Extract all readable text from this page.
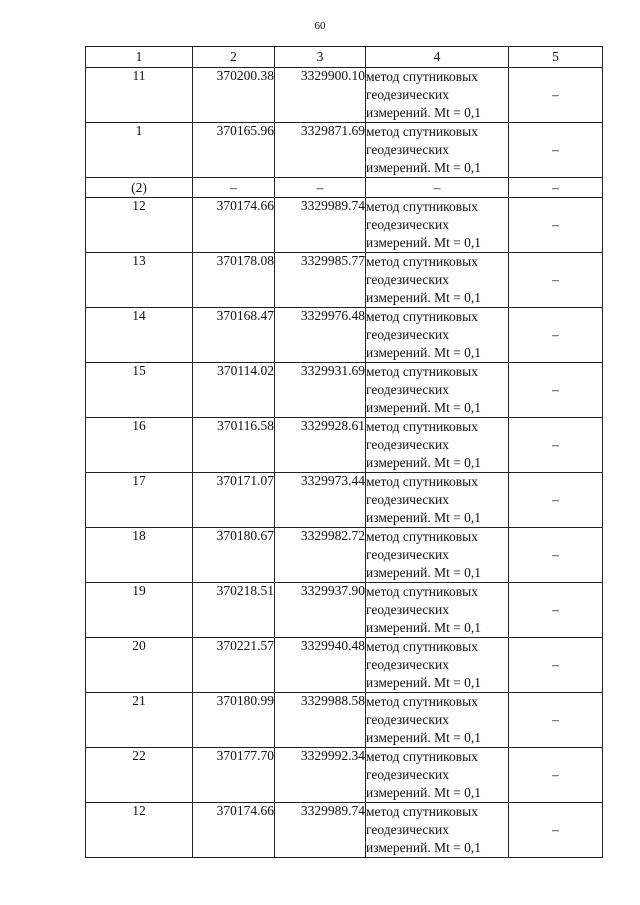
60
1	2	3	4	5
11	370200.38	3329900.10	метод спутниковых
геодезических
измерений. Mt = 0,1	–
1	370165.96	3329871.69	метод спутниковых
геодезических
измерений. Mt = 0,1	–
(2)	–	–	–	–
12	370174.66	3329989.74	метод спутниковых
геодезических
измерений. Mt = 0,1	–
13	370178.08	3329985.77	метод спутниковых
геодезических
измерений. Mt = 0,1	–
14	370168.47	3329976.48	метод спутниковых
геодезических
измерений. Mt = 0,1	–
15	370114.02	3329931.69	метод спутниковых
геодезических
измерений. Mt = 0,1	–
16	370116.58	3329928.61	метод спутниковых
геодезических
измерений. Mt = 0,1	–
17	370171.07	3329973.44	метод спутниковых
геодезических
измерений. Mt = 0,1	–
18	370180.67	3329982.72	метод спутниковых
геодезических
измерений. Mt = 0,1	–
19	370218.51	3329937.90	метод спутниковых
геодезических
измерений. Mt = 0,1	–
20	370221.57	3329940.48	метод спутниковых
геодезических
измерений. Mt = 0,1	–
21	370180.99	3329988.58	метод спутниковых
геодезических
измерений. Mt = 0,1	–
22	370177.70	3329992.34	метод спутниковых
геодезических
измерений. Mt = 0,1	–
12	370174.66	3329989.74	метод спутниковых
геодезических
измерений. Mt = 0,1	–
